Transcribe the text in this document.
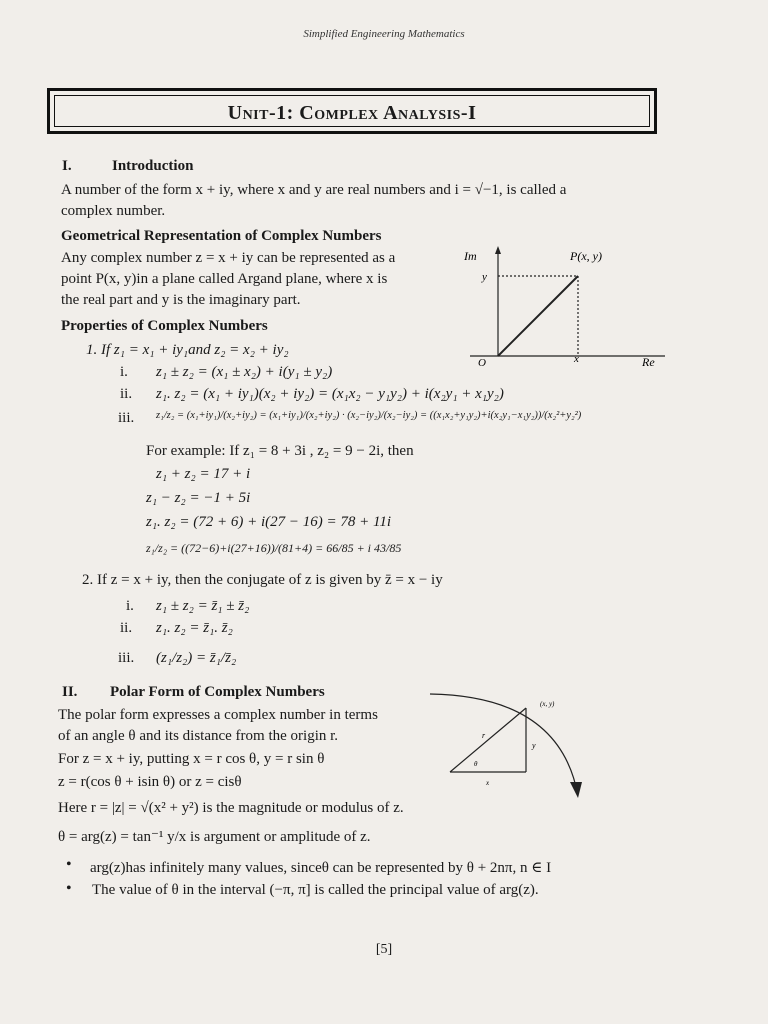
Simplified Engineering Mathematics
Unit-1: Complex Analysis-I
I.	Introduction
A number of the form x + iy, where x and y are real numbers and i = √−1, is called a
complex number.
Geometrical Representation of Complex Numbers
Any complex number z = x + iy can be represented as a
point P(x, y)in a plane called Argand plane, where x is
the real part and y is the imaginary part.
Im	P(x, y)
y
O	x	Re
Properties of Complex Numbers
1. If z₁ = x₁ + iy₁and z₂ = x₂ + iy₂
i. z₁ ± z₂ = (x₁ ± x₂) + i(y₁ ± y₂)
ii. z₁. z₂ = (x₁ + iy₁)(x₂ + iy₂) = (x₁x₂ − y₁y₂) + i(x₂y₁ + x₁y₂)
iii. z₁/z₂ = (x₁+iy₁)/(x₂+iy₂) = (x₁+iy₁)/(x₂+iy₂) · (x₂−iy₂)/(x₂−iy₂) = ((x₁x₂+y₁y₂)+i(x₂y₁−x₁y₂))/(x₂²+y₂²)
For example: If z₁ = 8 + 3i , z₂ = 9 − 2i, then
z₁ + z₂ = 17 + i
z₁ − z₂ = −1 + 5i
z₁. z₂ = (72 + 6) + i(27 − 16) = 78 + 11i
z₁/z₂ = ((72−6)+i(27+16))/(81+4) = 66/85 + i 43/85
2. If z = x + iy, then the conjugate of z is given by z̄ = x − iy
i. z₁ ± z₂ = z̄₁ ± z̄₂
ii. z₁. z₂ = z̄₁. z̄₂
iii. (z₁/z₂) = z̄₁/z̄₂
II. Polar Form of Complex Numbers
The polar form expresses a complex number in terms
of an angle θ and its distance from the origin r.
For z = x + iy, putting x = r cos θ, y = r sin θ
z = r(cos θ + isin θ) or z = cisθ
(x, y)
r
y
θ
x
Here r = |z| = √(x² + y²) is the magnitude or modulus of z.
θ = arg(z) = tan⁻¹ y/x is argument or amplitude of z.
• arg(z)has infinitely many values, sinceθ can be represented by θ + 2nπ, n ∈ I
• The value of θ in the interval (−π, π] is called the principal value of arg(z).
[5]
